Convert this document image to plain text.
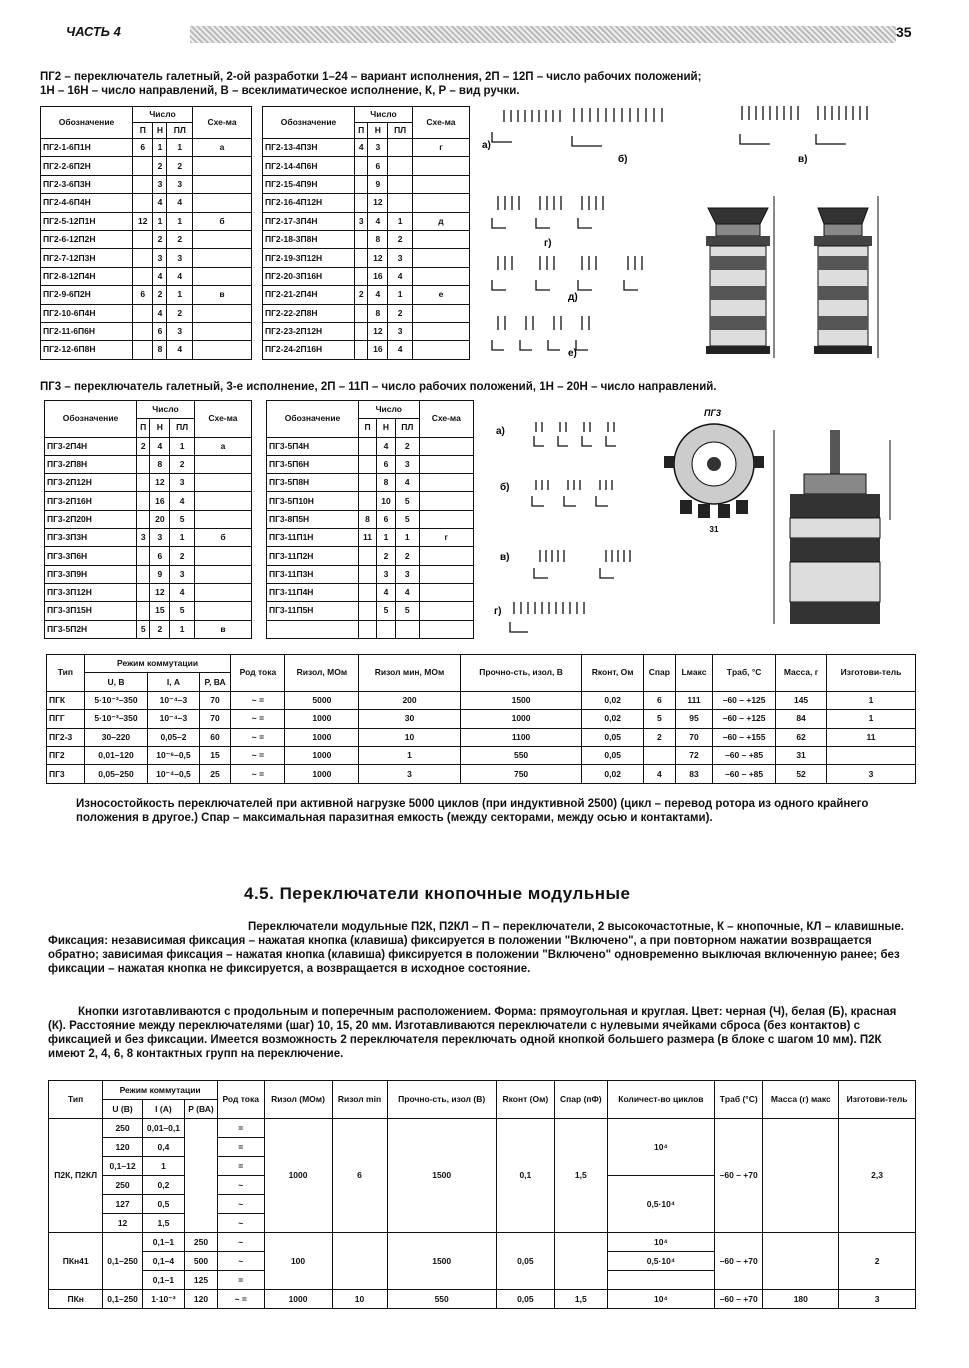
ЧАСТЬ 4	35
ПГ2 – переключатель галетный, 2-ой разработки 1–24 – вариант исполнения, 2П – 12П – число рабочих положений;
1Н – 16Н – число направлений, В – всеклиматическое исполнение, К, Р – вид ручки.
Обозначение	Число			Схе-ма
	П	Н	ПЛ	
ПГ2-1-6П1Н	6	1	1	а
ПГ2-2-6П2Н		2	2	
ПГ2-3-6П3Н		3	3	
ПГ2-4-6П4Н		4	4	
ПГ2-5-12П1Н	12	1	1	б
ПГ2-6-12П2Н		2	2	
ПГ2-7-12П3Н		3	3	
ПГ2-8-12П4Н		4	4	
ПГ2-9-6П2Н	6	2	1	в
ПГ2-10-6П4Н		4	2	
ПГ2-11-6П6Н		6	3	
ПГ2-12-6П8Н		8	4	
Обозначение	Число			Схе-ма
	П	Н	ПЛ	
ПГ2-13-4П3Н	4	3		г
ПГ2-14-4П6Н		6		
ПГ2-15-4П9Н		9		
ПГ2-16-4П12Н		12		
ПГ2-17-3П4Н	3	4	1	д
ПГ2-18-3П8Н		8	2	
ПГ2-19-3П12Н		12	3	
ПГ2-20-3П16Н		16	4	
ПГ2-21-2П4Н	2	4	1	е
ПГ2-22-2П8Н		8	2	
ПГ2-23-2П12Н		12	3	
ПГ2-24-2П16Н		16	4	
а)
б)	в)
г)
д)
е)
ПГ3 – переключатель галетный, 3-е исполнение, 2П – 11П – число рабочих положений, 1Н – 20Н – число направлений.
Обозначение	Число			Схе-ма
	П	Н	ПЛ	
ПГ3-2П4Н	2	4	1	а
ПГ3-2П8Н		8	2	
ПГ3-2П12Н		12	3	
ПГ3-2П16Н		16	4	
ПГ3-2П20Н		20	5	
ПГ3-3П3Н	3	3	1	б
ПГ3-3П6Н		6	2	
ПГ3-3П9Н		9	3	
ПГ3-3П12Н		12	4	
ПГ3-3П15Н		15	5	
ПГ3-5П2Н	5	2	1	в
Обозначение	Число			Схе-ма
	П	Н	ПЛ	
ПГ3-5П4Н		4	2	
ПГ3-5П6Н		6	3	
ПГ3-5П8Н		8	4	
ПГ3-5П10Н		10	5	
ПГ3-8П5Н	8	6	5	
ПГ3-11П1Н	11	1	1	г
ПГ3-11П2Н		2	2	
ПГ3-11П3Н		3	3	
ПГ3-11П4Н		4	4	
ПГ3-11П5Н		5	5	

а)
б)
в)
г)
ПГ3
31
Тип	Режим коммутации			Род тока	Rизол, МОм	Rизол мин, МОм	Прочно-сть, изол, В	Rконт, Ом	Cпар	Lмакс	Tраб, °C	Масса, г	Изготови-тель
	U, В	I, А	P, ВА										
ПГК	5·10⁻³–350	10⁻⁴–3	70	~ =	5000	200	1500	0,02	6	111	–60 – +125	145	1
ПГГ	5·10⁻³–350	10⁻⁴–3	70	~ =	1000	30	1000	0,02	5	95	–60 – +125	84	1
ПГ2-3	30–220	0,05–2	60	~ =	1000	10	1100	0,05	2	70	–60 – +155	62	11
ПГ2	0,01–120	10⁻⁶–0,5	15	~ =	1000	1	550	0,05		72	–60 – +85	31	
ПГ3	0,05–250	10⁻⁴–0,5	25	~ =	1000	3	750	0,02	4	83	–60 – +85	52	3
Износостойкость переключателей при активной нагрузке 5000 циклов (при индуктивной 2500) (цикл – перевод ротора из одного крайнего положения в другое.) Cпар – максимальная паразитная емкость (между секторами, между осью и контактами).
4.5. Переключатели кнопочные модульные
Переключатели модульные П2К, П2КЛ – П – переключатели, 2 высокочастотные, К – кнопочные, КЛ – клавишные. Фиксация: независимая фиксация – нажатая кнопка (клавиша) фиксируется в положении "Включено", а при повторном нажатии возвращается обратно; зависимая фиксация – нажатая кнопка (клавиша) фиксируется в положении "Включено" одновременно выключая включенную ранее; без фиксации – нажатая кнопка не фиксируется, а возвращается в исходное состояние.
Кнопки изготавливаются с продольным и поперечным расположением. Форма: прямоугольная и круглая. Цвет: черная (Ч), белая (Б), красная (К). Расстояние между переключателями (шаг) 10, 15, 20 мм. Изготавливаются переключатели с нулевыми ячейками сброса (без контактов) с фиксацией и без фиксации. Имеется возможность 2 переключателя переключать одной кнопкой большего размера (в блоке с шагом 10 мм). П2К имеют 2, 4, 6, 8 контактных групп на переключение.
Тип	Режим коммутации			Род тока	Rизол (МОм)	Rизол min	Прочно-сть, изол (В)	Rконт (Ом)	Cпар (пФ)	Количест-во циклов	Tраб (°C)	Масса (г) макс	Изготови-тель
	U (В)	I (А)	P (ВА)										
П2К, П2КЛ	250	0,01–0,1		=	1000	6	1500	0,1	1,5	10⁴	–60 – +70		2,3
	120	0,4		=									
	0,1–12	1		=									
	250	0,2		~						0,5·10⁴			
	127	0,5		~									
	12	1,5		~									
ПКн41	0,1–250	0,1–1	250	~	100		1500	0,05		10⁴	–60 – +70		2
		0,1–4	500	~						0,5·10⁴			
		0,1–1	125	=									
ПКн	0,1–250	1·10⁻³	120	~ =	1000	10	550	0,05	1,5	10⁴	–60 – +70	180	3
